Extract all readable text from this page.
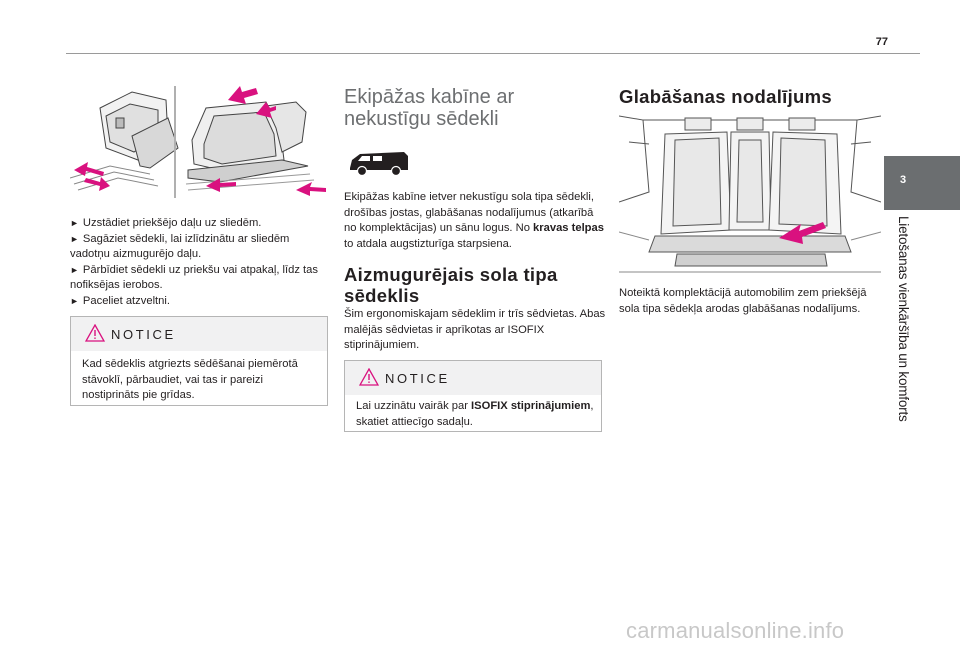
77
3
Lietošanas vienkāršība un komforts

► Uzstādiet priekšējo daļu uz sliedēm.

► Sagāziet sēdekli, lai izlīdzinātu ar sliedēm vadotņu aizmugurējo daļu.

► Pārbīdiet sēdekli uz priekšu vai atpakaļ, līdz tas nofiksējas ierobos.

► Paceliet atzveltni.

NOTICE
Kad sēdeklis atgriezts sēdēšanai piemērotā stāvoklī, pārbaudiet, vai tas ir pareizi nostiprināts pie grīdas.
Ekipāžas kabīne ar nekustīgu sēdekli
Ekipāžas kabīne ietver nekustīgu sola tipa sēdekli, drošības jostas, glabāšanas nodalījumus (atkarībā no komplektācijas) un sānu logus. No kravas telpas to atdala augstizturīga starpsiena.
Aizmugurējais sola tipa sēdeklis
Šim ergonomiskajam sēdeklim ir trīs sēdvietas. Abas malējās sēdvietas ir aprīkotas ar ISOFIX stiprinājumiem.
NOTICE
Lai uzzinātu vairāk par ISOFIX stiprinājumiem, skatiet attiecīgo sadaļu.
Glabāšanas nodalījums
Noteiktā komplektācijā automobilim zem priekšējā sola tipa sēdekļa arodas glabāšanas nodalījums.
carmanualsonline.info
